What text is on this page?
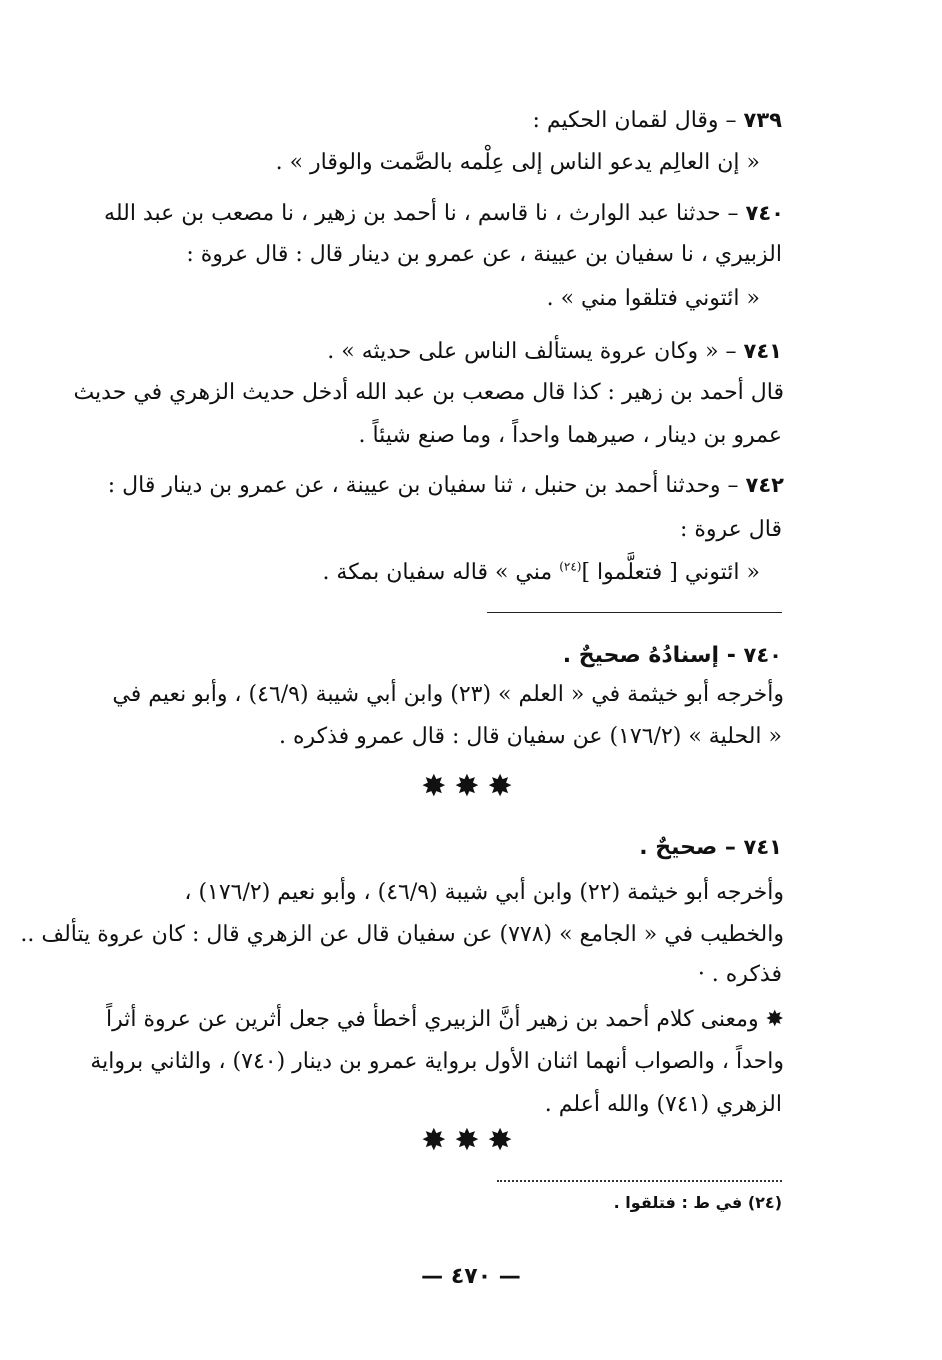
٧٣٩ – وقال لقمان الحكيم :
« إن العالِم يدعو الناس إلى عِلْمه بالصَّمت والوقار » .
٧٤٠ – حدثنا عبد الوارث ، نا قاسم ، نا أحمد بن زهير ، نا مصعب بن عبد الله
الزبيري ، نا سفيان بن عيينة ، عن عمرو بن دينار قال : قال عروة :
« ائتوني فتلقوا مني » .
٧٤١ – « وكان عروة يستألف الناس على حديثه » .
قال أحمد بن زهير : كذا قال مصعب بن عبد الله أدخل حديث الزهري في حديث
عمرو بن دينار ، صيرهما واحداً ، وما صنع شيئاً .
٧٤٢ – وحدثنا أحمد بن حنبل ، ثنا سفيان بن عيينة ، عن عمرو بن دينار قال :
قال عروة :
« ائتوني [ فتعلَّموا ]$^{(٢٤)}$ مني » قاله سفيان بمكة .
٧٤٠ - إسنادُهُ صحيحٌ .
وأخرجه أبو خيثمة في « العلم » (٢٣) وابن أبي شيبة (٤٦/٩) ، وأبو نعيم في
« الحلية » (١٧٦/٢) عن سفيان قال : قال عمرو فذكره .
✸✸✸
٧٤١ – صحيحٌ .
وأخرجه أبو خيثمة (٢٢) وابن أبي شيبة (٤٦/٩) ، وأبو نعيم (١٧٦/٢) ،
والخطيب في « الجامع » (٧٧٨) عن سفيان قال عن الزهري قال : كان عروة يتألف ..
فذكره . ·
✸ ومعنى كلام أحمد بن زهير أنَّ الزبيري أخطأ في جعل أثرين عن عروة أثراً
واحداً ، والصواب أنهما اثنان الأول برواية عمرو بن دينار (٧٤٠) ، والثاني برواية
الزهري (٧٤١) والله أعلم .
✸✸✸
(٢٤) في ط : فتلقوا .
— ٤٧٠ —
